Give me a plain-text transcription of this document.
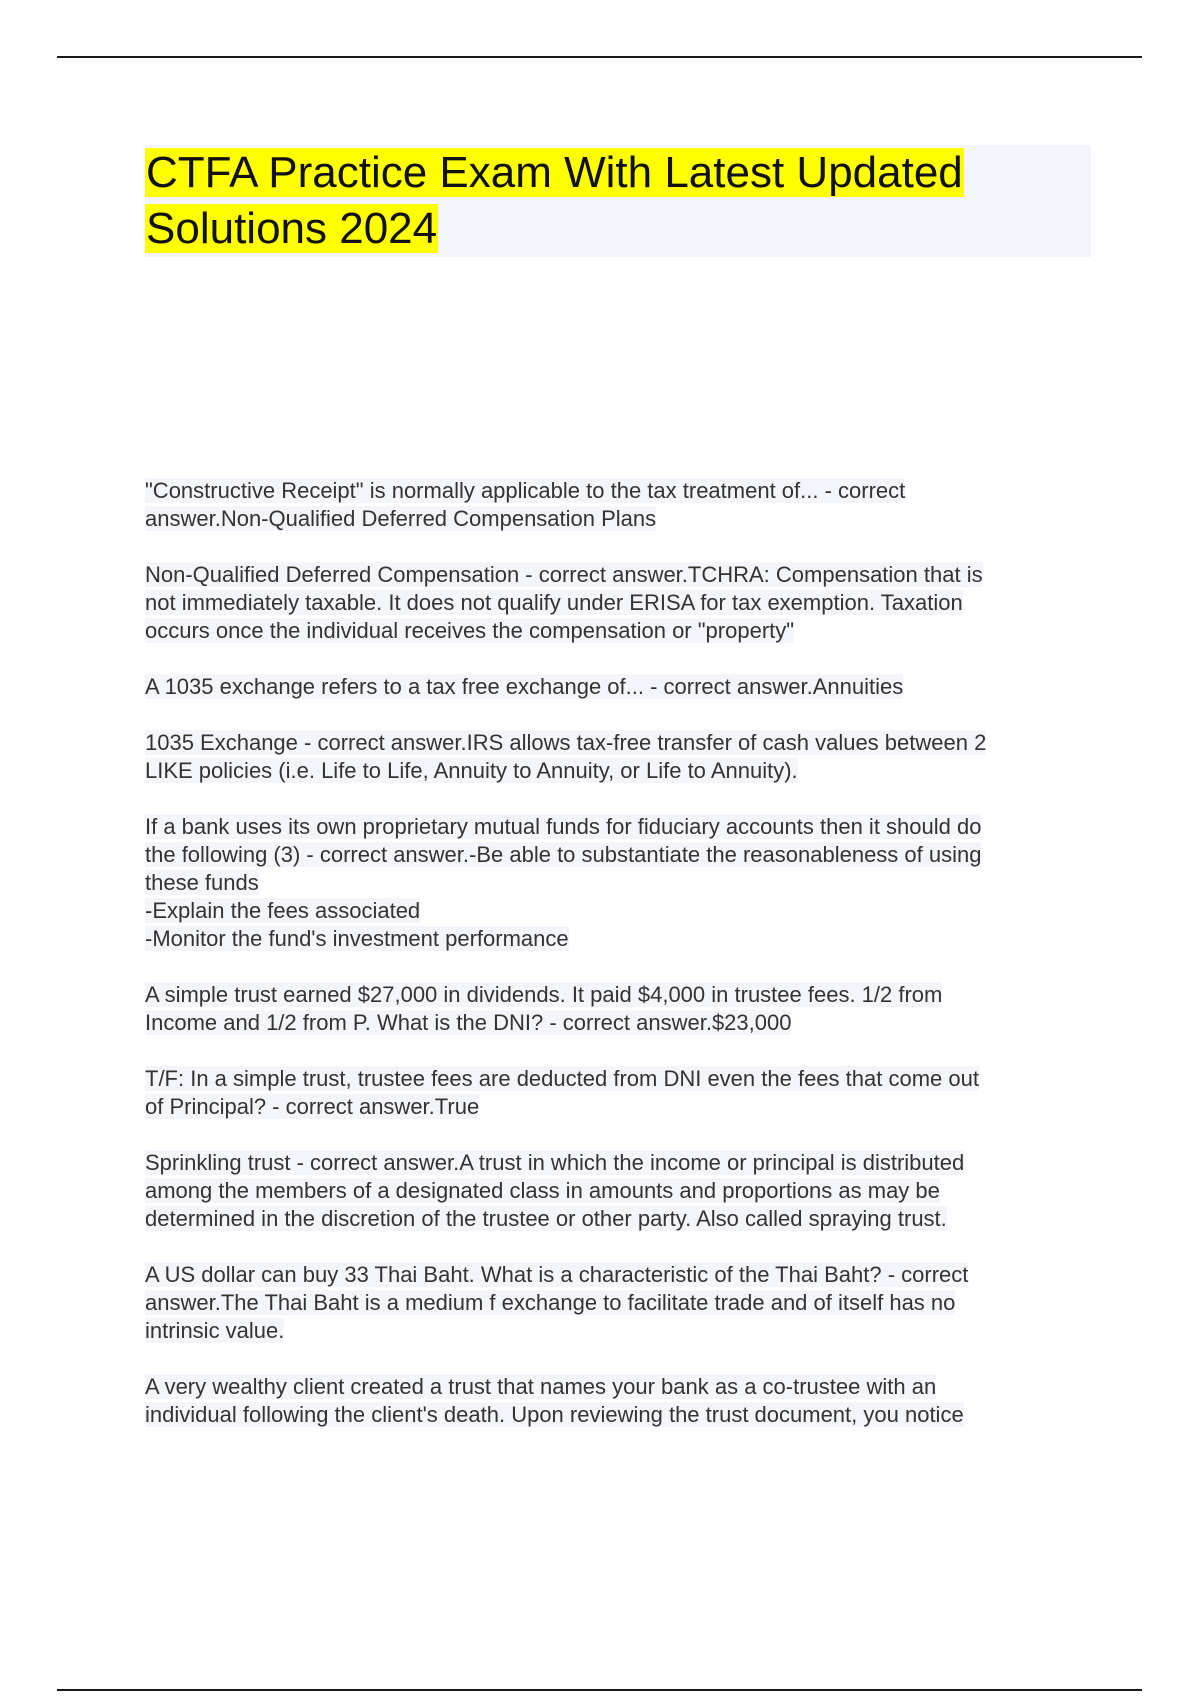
CTFA Practice Exam With Latest Updated
Solutions 2024
"Constructive Receipt" is normally applicable to the tax treatment of... - correct
answer.Non-Qualified Deferred Compensation Plans
Non-Qualified Deferred Compensation - correct answer.TCHRA: Compensation that is
not immediately taxable. It does not qualify under ERISA for tax exemption. Taxation
occurs once the individual receives the compensation or "property"
A 1035 exchange refers to a tax free exchange of... - correct answer.Annuities
1035 Exchange - correct answer.IRS allows tax-free transfer of cash values between 2
LIKE policies (i.e. Life to Life, Annuity to Annuity, or Life to Annuity).
If a bank uses its own proprietary mutual funds for fiduciary accounts then it should do
the following (3) - correct answer.-Be able to substantiate the reasonableness of using
these funds
-Explain the fees associated
-Monitor the fund's investment performance
A simple trust earned $27,000 in dividends. It paid $4,000 in trustee fees. 1/2 from
Income and 1/2 from P. What is the DNI? - correct answer.$23,000
T/F: In a simple trust, trustee fees are deducted from DNI even the fees that come out
of Principal? - correct answer.True
Sprinkling trust - correct answer.A trust in which the income or principal is distributed
among the members of a designated class in amounts and proportions as may be
determined in the discretion of the trustee or other party. Also called spraying trust.
A US dollar can buy 33 Thai Baht. What is a characteristic of the Thai Baht? - correct
answer.The Thai Baht is a medium f exchange to facilitate trade and of itself has no
intrinsic value.
A very wealthy client created a trust that names your bank as a co-trustee with an
individual following the client's death. Upon reviewing the trust document, you notice
